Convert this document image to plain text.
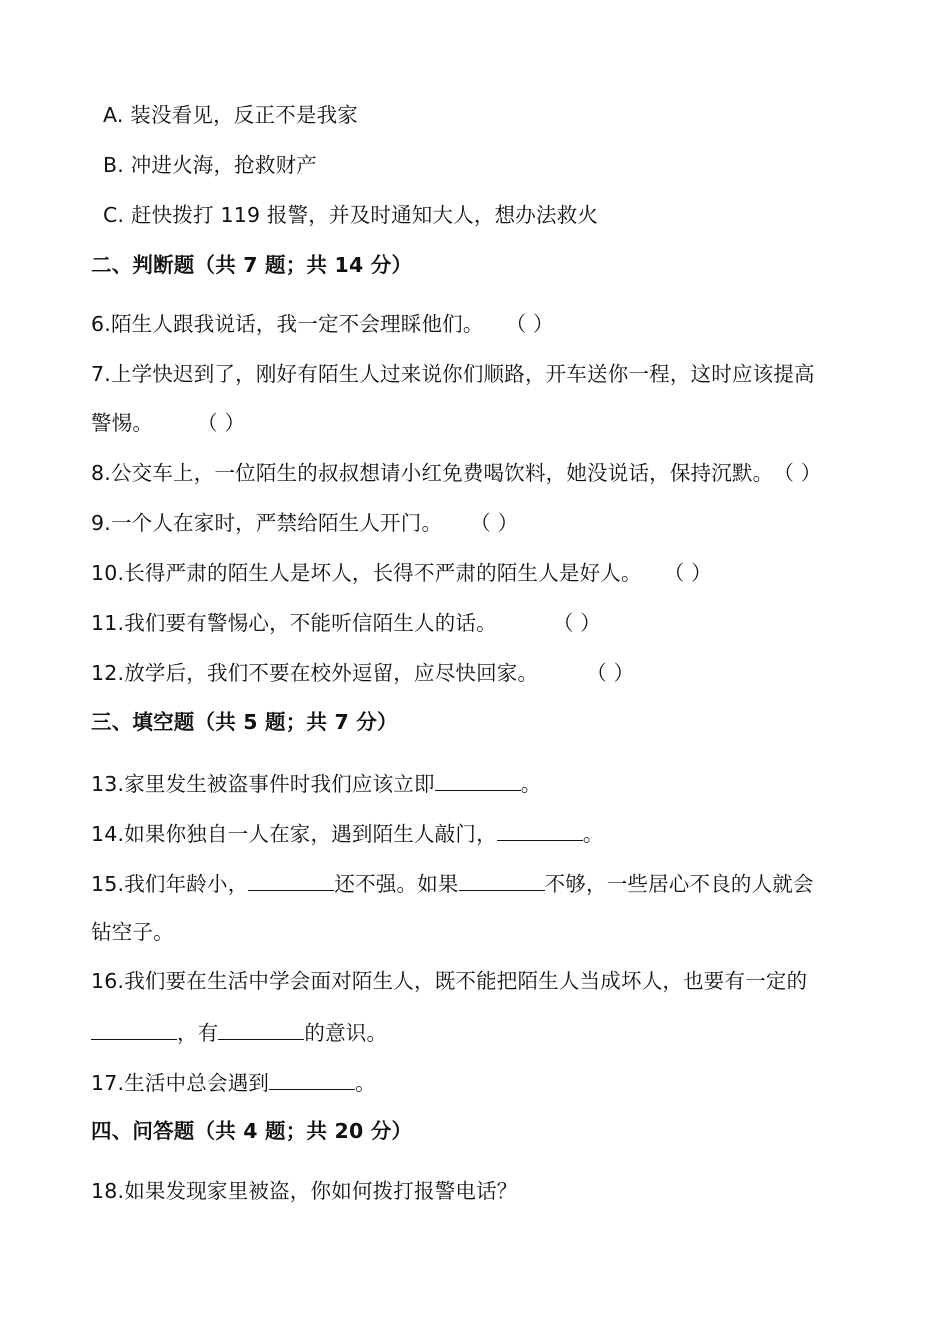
A. 装没看见，反正不是我家
B. 冲进火海，抢救财产
C. 赶快拨打 119 报警，并及时通知大人，想办法救火
二、判断题（共 7 题；共 14 分）
6.陌生人跟我说话，我一定不会理睬他们。 （ ）
7.上学快迟到了，刚好有陌生人过来说你们顺路，开车送你一程，这时应该提高
警惕。 （ ）
8.公交车上，一位陌生的叔叔想请小红免费喝饮料，她没说话，保持沉默。（ ）
9.一个人在家时，严禁给陌生人开门。 （ ）
10.长得严肃的陌生人是坏人，长得不严肃的陌生人是好人。 （ ）
11.我们要有警惕心，不能听信陌生人的话。	（ ）
12.放学后，我们不要在校外逗留，应尽快回家。 （ ）
三、填空题（共 5 题；共 7 分）
13.家里发生被盗事件时我们应该立即	。
14.如果你独自一人在家，遇到陌生人敲门，	。
15.我们年龄小，	还不强。如果	不够，一些居心不良的人就会
钻空子。
16.我们要在生活中学会面对陌生人，既不能把陌生人当成坏人，也要有一定的
，有	的意识。
17.生活中总会遇到	。
四、问答题（共 4 题；共 20 分）
18.如果发现家里被盗，你如何拨打报警电话？
